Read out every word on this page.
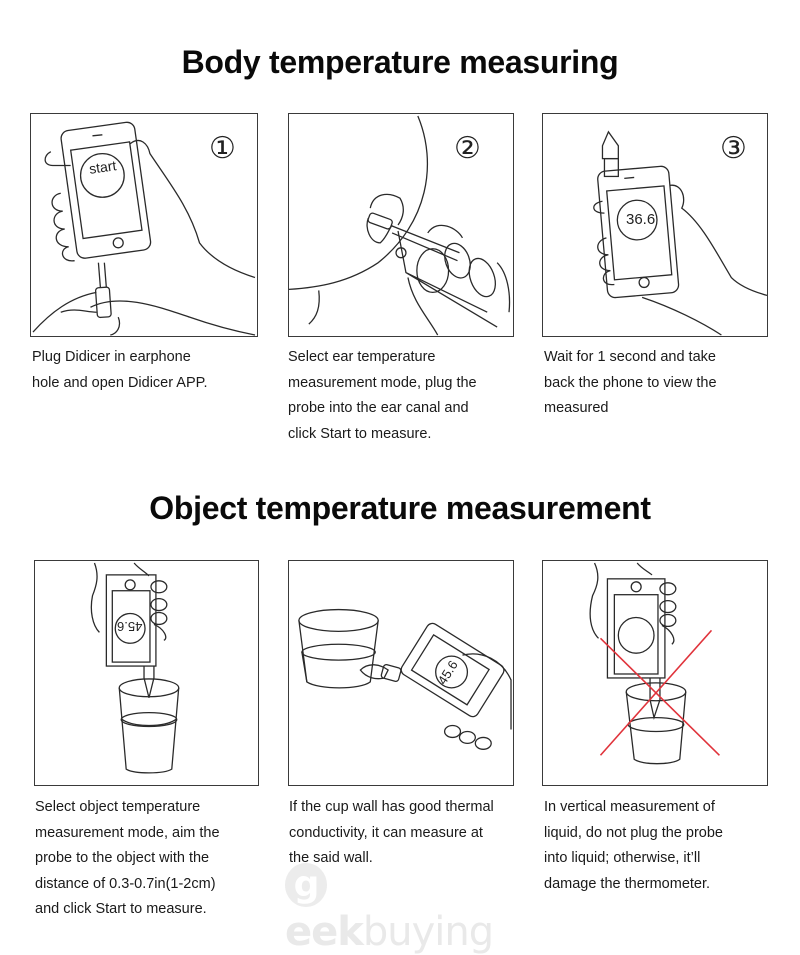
Body temperature measuring
start
①	②
36.6
③

Plug Didicer in earphone

hole and open Didicer APP.

Select ear temperature

measurement mode, plug the

probe into the ear canal and

click Start to measure.

Wait for 1 second and take

back the phone to view the

measured

Object temperature measurement
45.6
45.6

Select object temperature

measurement mode, aim the

probe to the object with the

distance of 0.3-0.7in(1-2cm)

and click Start to measure.

geekbuying

If the cup wall has good thermal

conductivity, it can measure at

the said wall.

In vertical measurement of

liquid, do not plug the probe

into liquid; otherwise, it’ll

damage the thermometer.
